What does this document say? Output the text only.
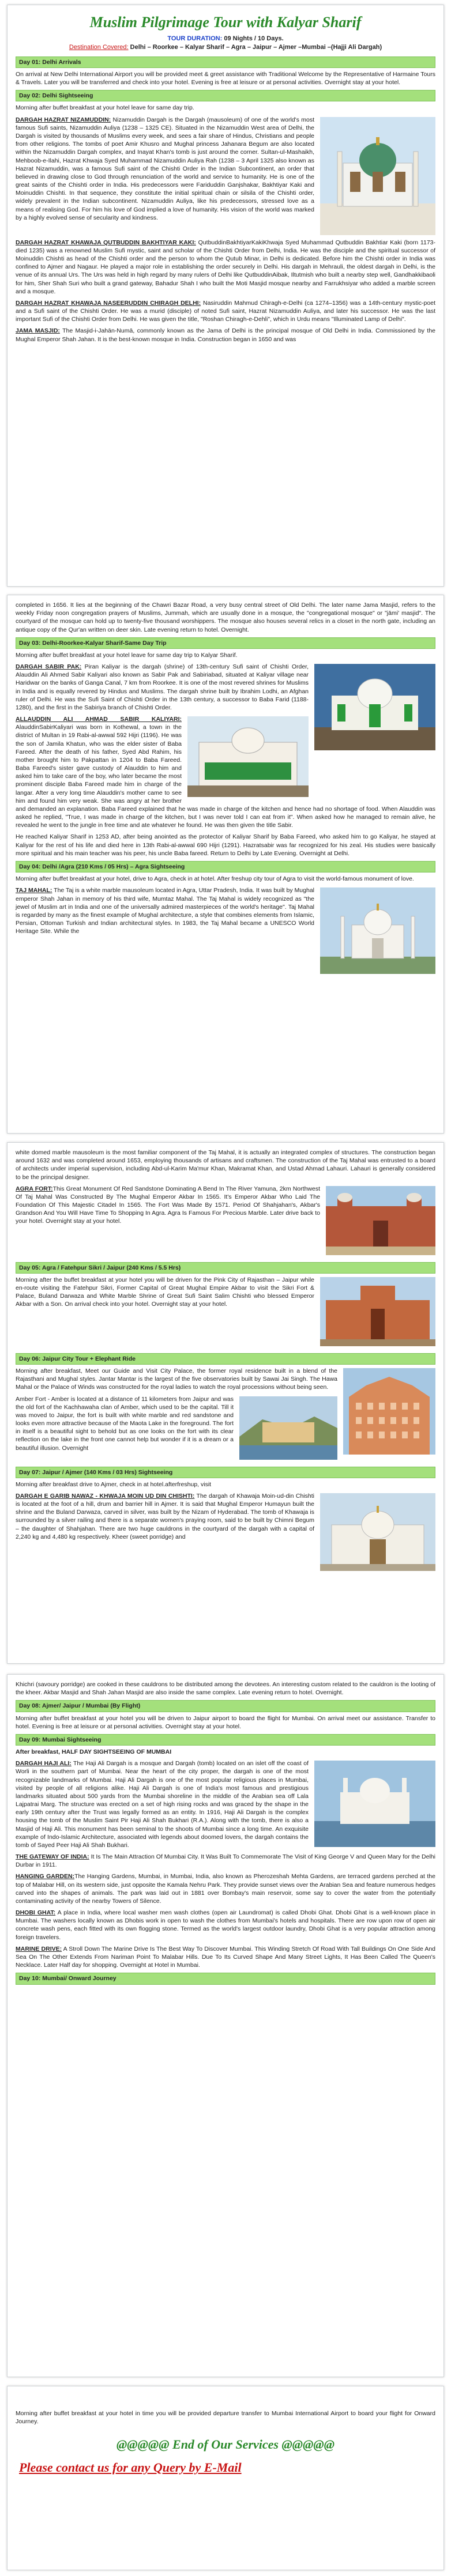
Muslim Pilgrimage Tour with Kalyar Sharif
TOUR DURATION: 09 Nights / 10 Days.
Destination Covered: Delhi – Roorkee – Kalyar Sharif – Agra – Jaipur – Ajmer –Mumbai –(Hajji Ali Dargah)
Day 01: Delhi Arrivals

On arrival at New Delhi International Airport you will be provided meet & greet assistance with Traditional Welcome by the Representative of Harmaine Tours & Travels. Later you will be transferred and check into your hotel. Evening is free at leisure or at personal activities. Overnight stay at your hotel.

Day 02: Delhi Sightseeing

Morning after buffet breakfast at your hotel leave for same day trip.

DARGAH HAZRAT NIZAMUDDIN: Nizamuddin Dargah is the Dargah (mausoleum) of one of the world's most famous Sufi saints, Nizamuddin Auliya (1238 – 1325 CE). Situated in the Nizamuddin West area of Delhi, the Dargah is visited by thousands of Muslims every week, and sees a fair share of Hindus, Christians and people from other religions. The tombs of poet Amir Khusro and Mughal princess Jahanara Begum are also located within the Nizamuddin Dargah complex, and Inayat Khan's tomb is just around the corner. Sultan-ul-Mashaikh, Mehboob-e-Ilahi, Hazrat Khwaja Syed Muhammad Nizamuddin Auliya Rah (1238 – 3 April 1325 also known as Hazrat Nizamuddin, was a famous Sufi saint of the Chishti Order in the Indian Subcontinent, an order that believed in drawing close to God through renunciation of the world and service to humanity. He is one of the great saints of the Chishti order in India. His predecessors were Fariduddin Ganjshakar, Bakhtiyar Kaki and Moinuddin Chishti. In that sequence, they constitute the initial spiritual chain or silsila of the Chishti order, widely prevalent in the Indian subcontinent. Nizamuddin Auliya, like his predecessors, stressed love as a means of realising God. For him his love of God implied a love of humanity. His vision of the world was marked by a highly evolved sense of secularity and kindness.

DARGAH HAZRAT KHAWAJA QUTBUDDIN BAKHTIYAR KAKI: QutbuddinBakhtiyarKakiKhwaja Syed Muhammad Qutbuddin Bakhtiar Kaki (born 1173-died 1235) was a renowned Muslim Sufi mystic, saint and scholar of the Chishti Order from Delhi, India. He was the disciple and the spiritual successor of Moinuddin Chishti as head of the Chishti order and the person to whom the Qutub Minar, in Delhi is dedicated. Before him the Chishti order in India was confined to Ajmer and Nagaur. He played a major role in establishing the order securely in Delhi. His dargah in Mehrauli, the oldest dargah in Delhi, is the venue of its annual Urs. The Urs was held in high regard by many rulers of Delhi like QutbuddinAibak, Iltutmish who built a nearby step well, Gandhakkibaoli for him, Sher Shah Suri who built a grand gateway, Bahadur Shah I who built the Moti Masjid mosque nearby and Farrukhsiyar who added a marble screen and a mosque.

DARGAH HAZRAT KHAWAJA NASEERUDDIN CHIRAGH DELHI: Nasiruddin Mahmud Chiragh-e-Delhi (ca 1274–1356) was a 14th-century mystic-poet and a Sufi saint of the Chishti Order. He was a murid (disciple) of noted Sufi saint, Hazrat Nizamuddin Auliya, and later his successor. He was the last important Sufi of the Chishti Order from Delhi. He was given the title, "Roshan Chiragh-e-Dehli", which in Urdu means "Illuminated Lamp of Delhi".

JAMA MASJID: The Masjid-i-Jahān-Numā, commonly known as the Jama of Delhi is the principal mosque of Old Delhi in India. Commissioned by the Mughal Emperor Shah Jahan. It is the best-known mosque in India. Construction began in 1650 and was

completed in 1656. It lies at the beginning of the Chawri Bazar Road, a very busy central street of Old Delhi. The later name Jama Masjid, refers to the weekly Friday noon congregation prayers of Muslims, Jummah, which are usually done in a mosque, the "congregational mosque" or "jāmi' masjid". The courtyard of the mosque can hold up to twenty-five thousand worshippers. The mosque also houses several relics in a closet in the north gate, including an antique copy of the Qur'an written on deer skin. Late evening return to hotel. Overnight.

Day 03: Delhi-Roorkee-Kalyar Sharif-Same Day Trip

Morning after buffet breakfast at your hotel leave for same day trip to Kalyar Sharif.

DARGAH SABIR PAK: Piran Kaliyar is the dargah (shrine) of 13th-century Sufi saint of Chishti Order, Alauddin Ali Ahmed Sabir Kaliyari also known as Sabir Pak and Sabiriabad, situated at Kaliyar village near Haridwar on the banks of Ganga Canal, 7 km from Roorkee. It is one of the most revered shrines for Muslims in India and is equally revered by Hindus and Muslims. The dargah shrine built by Ibrahim Lodhi, an Afghan ruler of Delhi. He was the Sufi Saint of Chishti Order in the 13th century, a successor to Baba Farid (1188-1280), and the first in the Sabiriya branch of Chishti Order.

ALLAUDDIN ALI AHMAD SABIR KALIYARI: AlauddinSabirKaliyari was born in Kothewal, a town in the district of Multan in 19 Rabi-al-awwal 592 Hijri (1196). He was the son of Jamila Khatun, who was the elder sister of Baba Fareed. After the death of his father, Syed Abd Rahim, his mother brought him to Pakpattan in 1204 to Baba Fareed. Baba Fareed's sister gave custody of Alauddin to him and asked him to take care of the boy, who later became the most prominent disciple Baba Fareed made him in charge of the langar. After a very long time Alauddin's mother came to see him and found him very weak. She was angry at her brother and demanded an explanation. Baba Fareed explained that he was made in charge of the kitchen and hence had no shortage of food. When Alauddin was asked he replied, "True, I was made in charge of the kitchen, but I was never told I can eat from it". When asked how he managed to remain alive, he revealed he went to the jungle in free time and ate whatever he found. He was then given the title Sabir.

He reached Kaliyar Sharif in 1253 AD, after being anointed as the protector of Kaliyar Sharif by Baba Fareed, who asked him to go Kaliyar, he stayed at Kaliyar for the rest of his life and died here in 13th Rabi-al-awwal 690 Hijri (1291). Hazratsabir was far recognized for his zeal. His studies were basically more spiritual and his main teacher was his peer, his uncle Baba fareed. Return to Delhi by Late Evening. Overnight at Delhi.

Day 04: Delhi /Agra (210 Kms / 05 Hrs) – Agra Sightseeing

Morning after buffet breakfast at your hotel, drive to Agra, check in at hotel. After freshup city tour of Agra to visit the world-famous monument of love.

TAJ MAHAL: The Taj is a white marble mausoleum located in Agra, Uttar Pradesh, India. It was built by Mughal emperor Shah Jahan in memory of his third wife, Mumtaz Mahal. The Taj Mahal is widely recognized as "the jewel of Muslim art in India and one of the universally admired masterpieces of the world's heritage". Taj Mahal is regarded by many as the finest example of Mughal architecture, a style that combines elements from Islamic, Persian, Ottoman Turkish and Indian architectural styles. In 1983, the Taj Mahal became a UNESCO World Heritage Site. While the

white domed marble mausoleum is the most familiar component of the Taj Mahal, it is actually an integrated complex of structures. The construction began around 1632 and was completed around 1653, employing thousands of artisans and craftsmen. The construction of the Taj Mahal was entrusted to a board of architects under imperial supervision, including Abd-ul-Karim Ma'mur Khan, Makramat Khan, and Ustad Ahmad Lahauri. Lahauri is generally considered to be the principal designer.

AGRA FORT:This Great Monument Of Red Sandstone Dominating A Bend In The River Yamuna, 2km Northwest Of Taj Mahal Was Constructed By The Mughal Emperor Akbar In 1565. It's Emperor Akbar Who Laid The Foundation Of This Majestic Citadel In 1565. The Fort Was Made By 1571. Period Of Shahjahan's, Akbar's Grandson And You Will Have Time To Shopping In Agra. Agra Is Famous For Precious Marble. Later drive back to your hotel. Overnight stay at your hotel.

Day 05: Agra / Fatehpur Sikri / Jaipur (240 Kms / 5.5 Hrs)

Morning after the buffet breakfast at your hotel you will be driven for the Pink City of Rajasthan – Jaipur while en-route visiting the Fatehpur Sikri, Former Capital of Great Mughal Empire Akbar to visit the Sikri Fort & Palace, Buland Darwaza and White Marble Shrine of Great Sufi Saint Salim Chishti who blessed Emperor Akbar with a Son. On arrival check into your hotel. Overnight stay at your hotel.

Day 06: Jaipur City Tour + Elephant Ride

Morning after breakfast, Meet our Guide and Visit City Palace, the former royal residence built in a blend of the Rajasthani and Mughal styles. Jantar Mantar is the largest of the five observatories built by Sawai Jai Singh. The Hawa Mahal or the Palace of Winds was constructed for the royal ladies to watch the royal processions without being seen.

Amber Fort - Amber is located at a distance of 11 kilometers from Jaipur and was the old fort of the Kachhawaha clan of Amber, which used to be the capital. Till it was moved to Jaipur, the fort is built with white marble and red sandstone and looks even more attractive because of the Maota Lake in the foreground. The fort in itself is a beautiful sight to behold but as one looks on the fort with its clear reflection on the lake in the front one cannot help but wonder if it is a dream or a beautiful illusion. Overnight

Day 07: Jaipur / Ajmer (140 Kms / 03 Hrs) Sightseeing

Morning after breakfast drive to Ajmer, check in at hotel.afterfreshup, visit

DARGAH E GARIB NAWAZ - KHWAJA MOIN UD DIN CHISHTI: The dargah of Khawaja Moin-ud-din Chishti is located at the foot of a hill, drum and barrier hill in Ajmer. It is said that Mughal Emperor Humayun built the shrine and the Buland Darwaza, carved in silver, was built by the Nizam of Hyderabad. The tomb of Khawaja is surrounded by a silver railing and there is a separate women's praying room, said to be built by Chimni Begum – the daughter of Shahjahan. There are two huge cauldrons in the courtyard of the dargah with a capital of 2,240 kg and 4,480 kg respectively. Kheer (sweet porridge) and

Khichri (savoury porridge) are cooked in these cauldrons to be distributed among the devotees. An interesting custom related to the cauldron is the looting of the kheer. Akbar Masjid and Shah Jahan Masjid are also inside the same complex. Late evening return to hotel. Overnight.

Day 08: Ajmer/ Jaipur / Mumbai (By Flight)

Morning after buffet breakfast at your hotel you will be driven to Jaipur airport to board the flight for Mumbai. On arrival meet our assistance. Transfer to hotel. Evening is free at leisure or at personal activities. Overnight stay at your hotel.

Day 09: Mumbai Sightseeing

After breakfast, HALF DAY SIGHTSEEING OF MUMBAI

DARGAH HAJI ALI: The Haji Ali Dargah is a mosque and Dargah (tomb) located on an islet off the coast of Worli in the southern part of Mumbai. Near the heart of the city proper, the dargah is one of the most recognizable landmarks of Mumbai. Haji Ali Dargah is one of the most popular religious places in Mumbai, visited by people of all religions alike. Haji Ali Dargah is one of India's most famous and prestigious landmarks situated about 500 yards from the Mumbai shoreline in the middle of the Arabian sea off Lala Lajpatrai Marg. The structure was erected on a set of high rising rocks and was graced by the shape in the early 19th century after the Trust was legally formed as an entity. In 1916, Haji Ali Dargah is the complex housing the tomb of the Muslim Saint Pir Haji Ali Shah Bukhari (R.A.). Along with the tomb, there is also a Masjid of Haji Ali. This monument has been seminal to the shoots of Mumbai since a long time. An exquisite example of Indo-Islamic Architecture, associated with legends about doomed lovers, the dargah contains the tomb of Sayed Peer Haji Ali Shah Bukhari.

THE GATEWAY OF INDIA: It Is The Main Attraction Of Mumbai City. It Was Built To Commemorate The Visit of King George V and Queen Mary for the Delhi Durbar in 1911.

HANGING GARDEN:The Hanging Gardens, Mumbai, in Mumbai, India, also known as Pherozeshah Mehta Gardens, are terraced gardens perched at the top of Malabar Hill, on its western side, just opposite the Kamala Nehru Park. They provide sunset views over the Arabian Sea and feature numerous hedges carved into the shapes of animals. The park was laid out in 1881 over Bombay's main reservoir, some say to cover the water from the potentially contaminating activity of the nearby Towers of Silence.

DHOBI GHAT: A place in India, where local washer men wash clothes (open air Laundromat) is called Dhobi Ghat. Dhobi Ghat is a well-known place in Mumbai. The washers locally known as Dhobis work in open to wash the clothes from Mumbai's hotels and hospitals. There are row upon row of open air concrete wash pens, each fitted with its own flogging stone. Termed as the world's largest outdoor laundry, Dhobi Ghat is a very popular attraction among foreign travelers.

MARINE DRIVE: A Stroll Down The Marine Drive Is The Best Way To Discover Mumbai. This Winding Stretch Of Road With Tall Buildings On One Side And Sea On The Other Extends From Nariman Point To Malabar Hills. Due To Its Curved Shape And Many Street Lights, It Has Been Called The Queen's Necklace. Later Half day for shopping. Overnight at Hotel in Mumbai.

Day 10: Mumbai/ Onward Journey

Morning after buffet breakfast at your hotel in time you will be provided departure transfer to Mumbai International Airport to board your flight for Onward Journey.

@@@@@ End of Our Services @@@@@
Please contact us for any Query by E-Mail
